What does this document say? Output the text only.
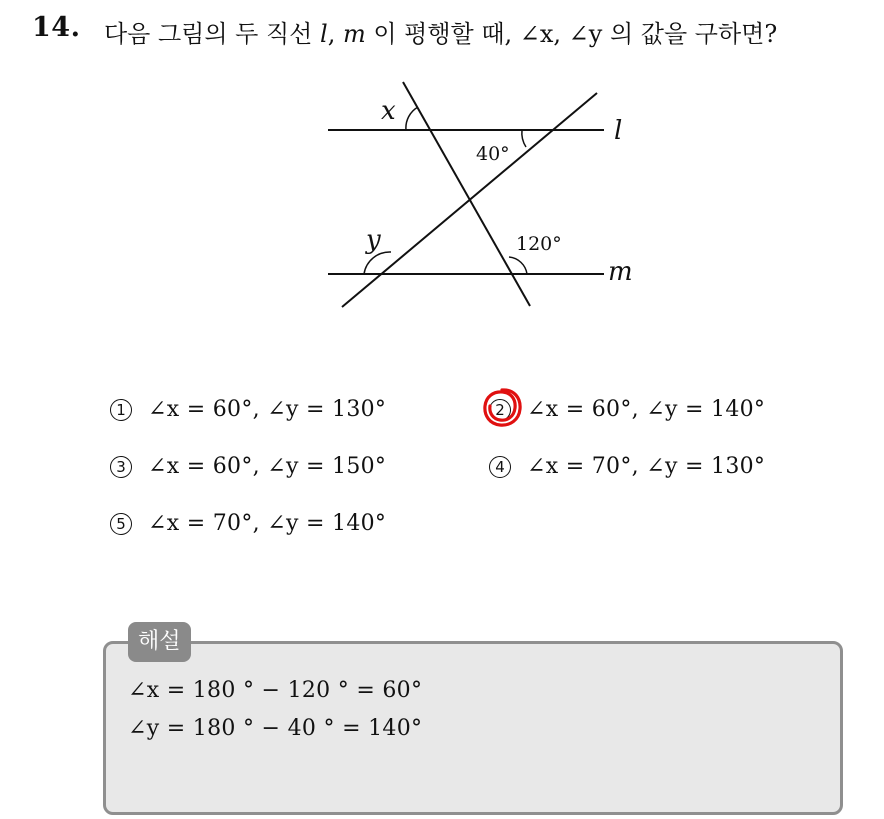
14. 다음 그림의 두 직선 l, m 이 평행할 때, ∠x, ∠y 의 값을 구하면?
x
40°
y	120°
l
m
1 ∠x = 60°, ∠y = 130°	2 ∠x = 60°, ∠y = 140°
3 ∠x = 60°, ∠y = 150°	4 ∠x = 70°, ∠y = 130°
5 ∠x = 70°, ∠y = 140°
해설
∠x = 180 ° − 120 ° = 60°
∠y = 180 ° − 40 ° = 140°
